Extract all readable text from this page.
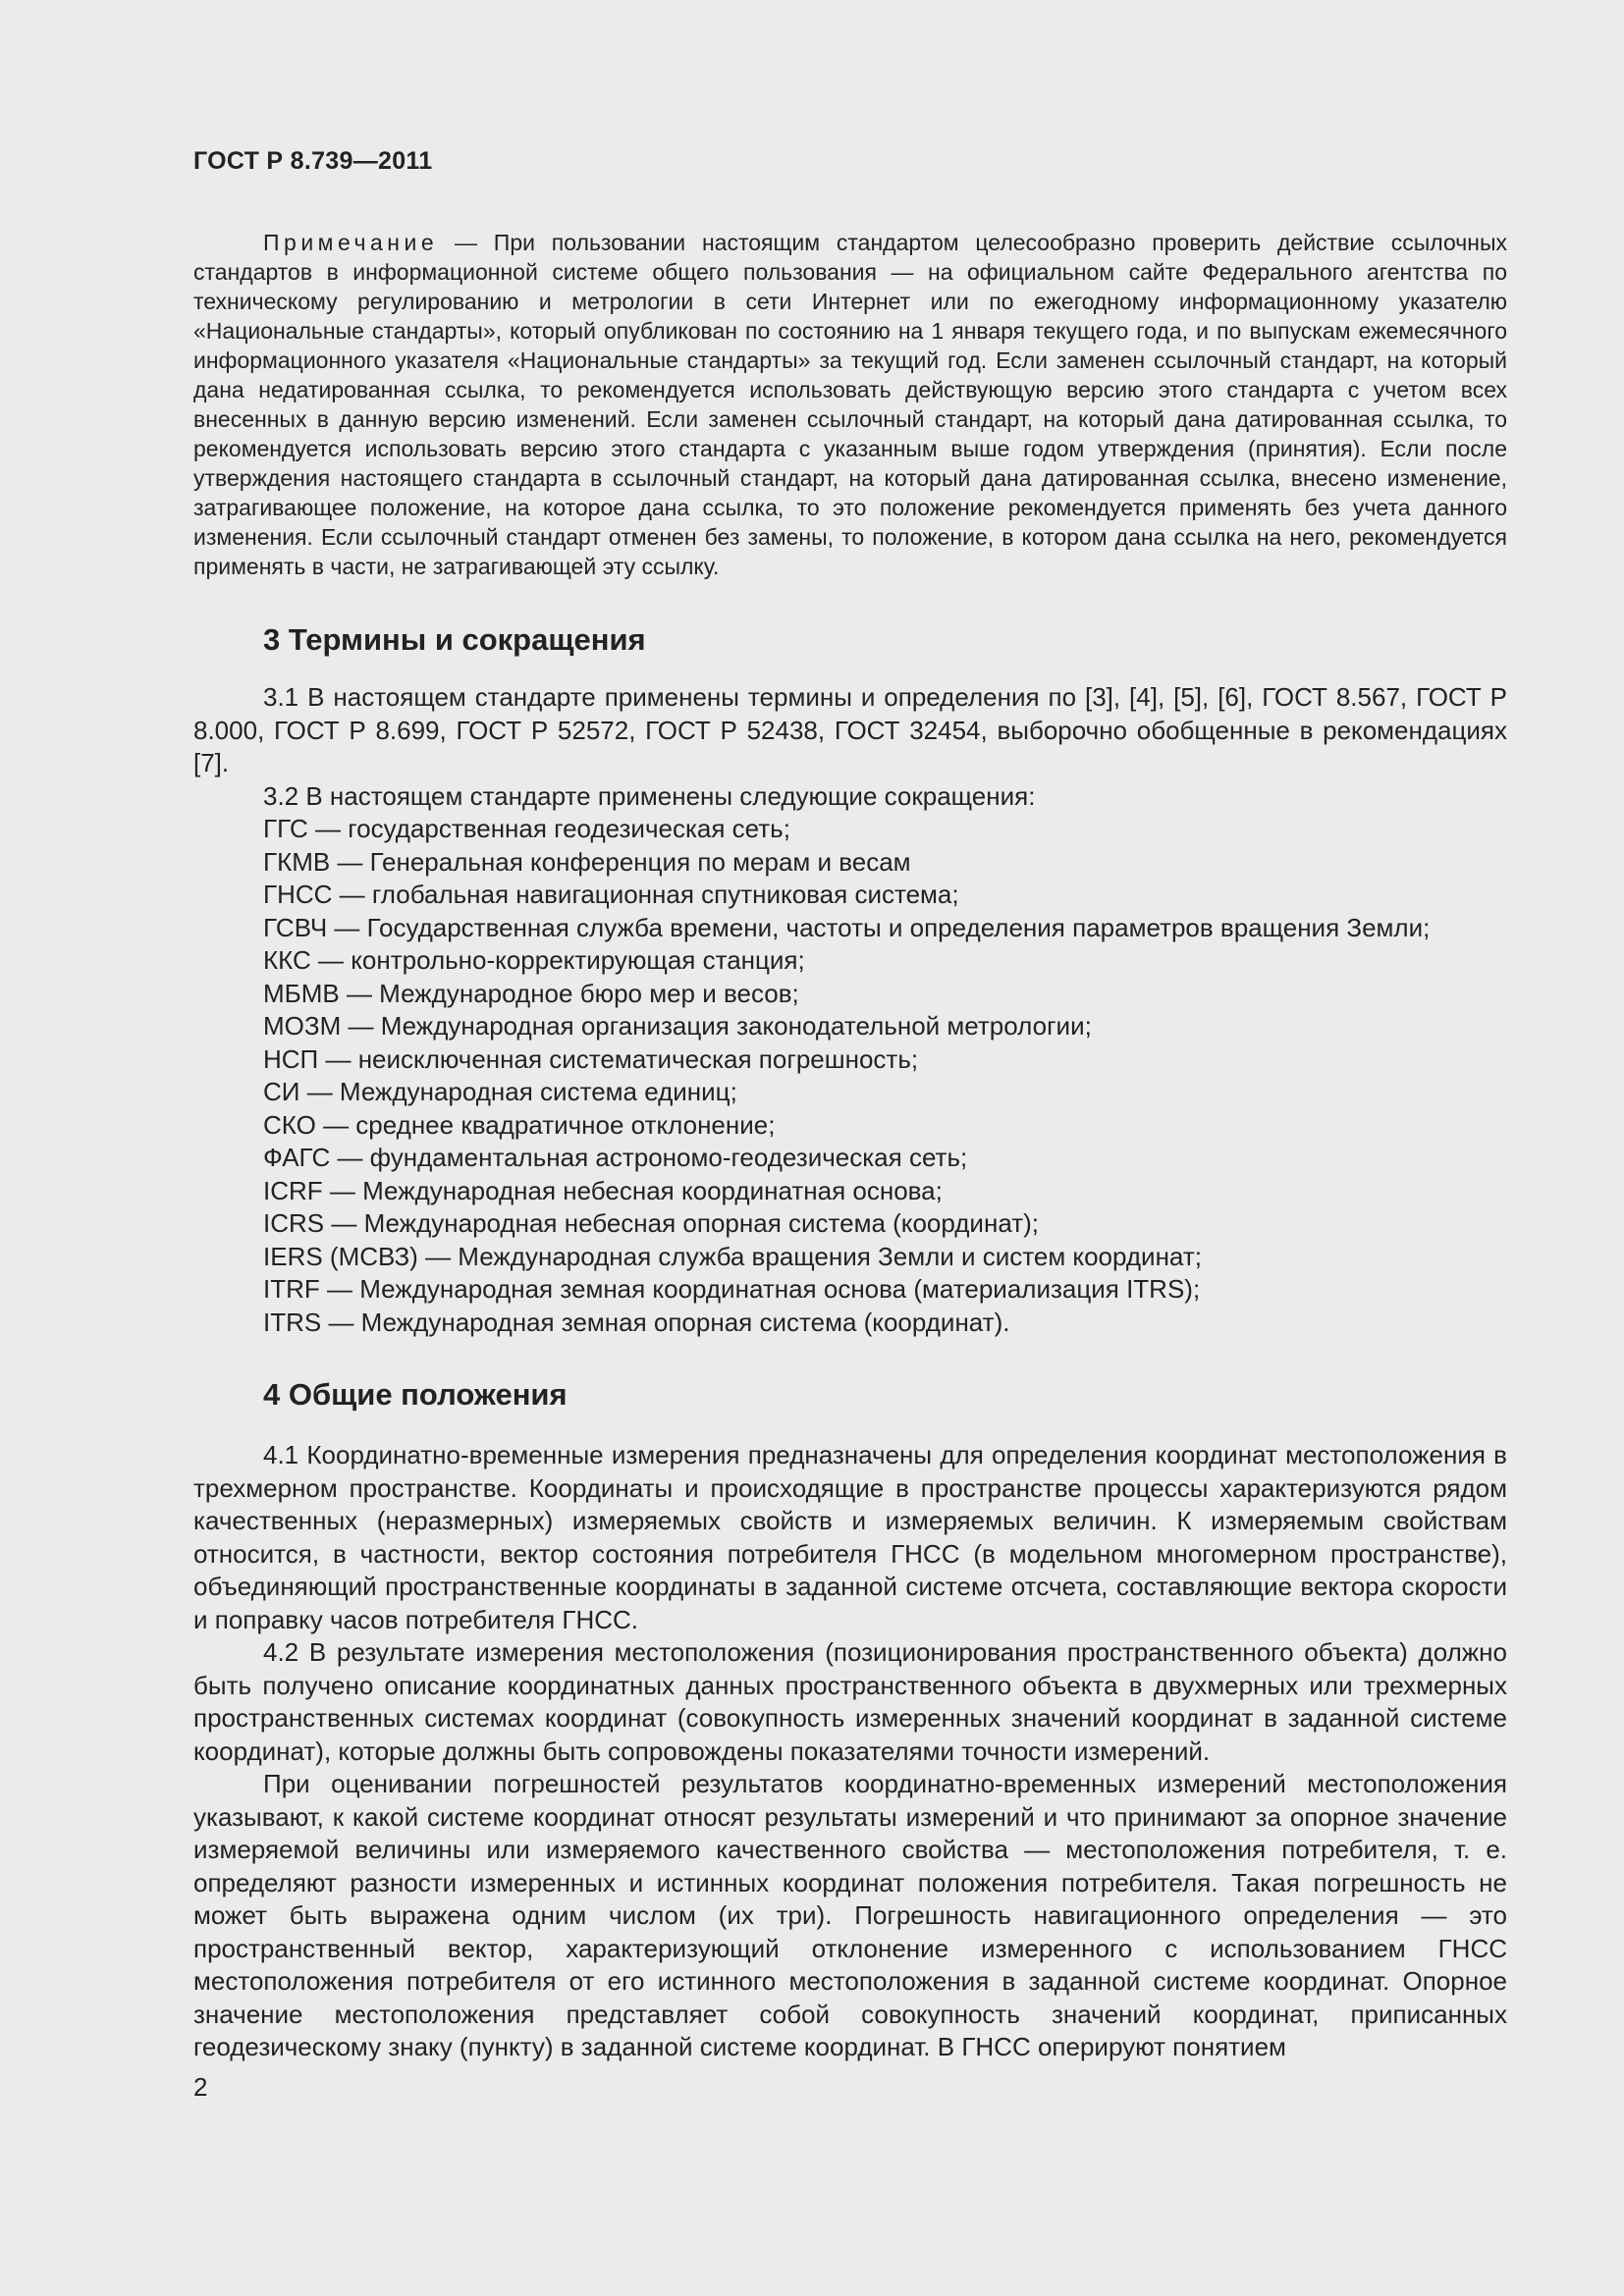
ГОСТ Р 8.739—2011

Примечание — При пользовании настоящим стандартом целесообразно проверить действие ссылочных стандартов в информационной системе общего пользования — на официальном сайте Федерального агентства по техническому регулированию и метрологии в сети Интернет или по ежегодному информационному указателю «Национальные стандарты», который опубликован по состоянию на 1 января текущего года, и по выпускам ежемесячного информационного указателя «Национальные стандарты» за текущий год. Если заменен ссылочный стандарт, на который дана недатированная ссылка, то рекомендуется использовать действующую версию этого стандарта с учетом всех внесенных в данную версию изменений. Если заменен ссылочный стандарт, на который дана датированная ссылка, то рекомендуется использовать версию этого стандарта с указанным выше годом утверждения (принятия). Если после утверждения настоящего стандарта в ссылочный стандарт, на который дана датированная ссылка, внесено изменение, затрагивающее положение, на которое дана ссылка, то это положение рекомендуется применять без учета данного изменения. Если ссылочный стандарт отменен без замены, то положение, в котором дана ссылка на него, рекомендуется применять в части, не затрагивающей эту ссылку.

3 Термины и сокращения

3.1 В настоящем стандарте применены термины и определения по [3], [4], [5], [6], ГОСТ 8.567, ГОСТ Р 8.000, ГОСТ Р 8.699, ГОСТ Р 52572, ГОСТ Р 52438, ГОСТ 32454, выборочно обобщенные в рекомендациях [7].

3.2 В настоящем стандарте применены следующие сокращения:

ГГС — государственная геодезическая сеть;
ГКМВ — Генеральная конференция по мерам и весам
ГНСС — глобальная навигационная спутниковая система;
ГСВЧ — Государственная служба времени, частоты и определения параметров вращения Земли;
ККС — контрольно-корректирующая станция;
МБМВ — Международное бюро мер и весов;
МОЗМ — Международная организация законодательной метрологии;
НСП — неисключенная систематическая погрешность;
СИ — Международная система единиц;
СКО — среднее квадратичное отклонение;
ФАГС — фундаментальная астрономо-геодезическая сеть;
ICRF — Международная небесная координатная основа;
ICRS — Международная небесная опорная система (координат);
IERS (МСВЗ) — Международная служба вращения Земли и систем координат;
ITRF — Международная земная координатная основа (материализация ITRS);
ITRS — Международная земная опорная система (координат).
4 Общие положения

4.1 Координатно-временные измерения предназначены для определения координат местоположения в трехмерном пространстве. Координаты и происходящие в пространстве процессы характеризуются рядом качественных (неразмерных) измеряемых свойств и измеряемых величин. К измеряемым свойствам относится, в частности, вектор состояния потребителя ГНСС (в модельном многомерном пространстве), объединяющий пространственные координаты в заданной системе отсчета, составляющие вектора скорости и поправку часов потребителя ГНСС.

4.2 В результате измерения местоположения (позиционирования пространственного объекта) должно быть получено описание координатных данных пространственного объекта в двухмерных или трехмерных пространственных системах координат (совокупность измеренных значений координат в заданной системе координат), которые должны быть сопровождены показателями точности измерений.

При оценивании погрешностей результатов координатно-временных измерений местоположения указывают, к какой системе координат относят результаты измерений и что принимают за опорное значение измеряемой величины или измеряемого качественного свойства — местоположения потребителя, т. е. определяют разности измеренных и истинных координат положения потребителя. Такая погрешность не может быть выражена одним числом (их три). Погрешность навигационного определения — это пространственный вектор, характеризующий отклонение измеренного с использованием ГНСС местоположения потребителя от его истинного местоположения в заданной системе координат. Опорное значение местоположения представляет собой совокупность значений координат, приписанных геодезическому знаку (пункту) в заданной системе координат. В ГНСС оперируют понятием

2
